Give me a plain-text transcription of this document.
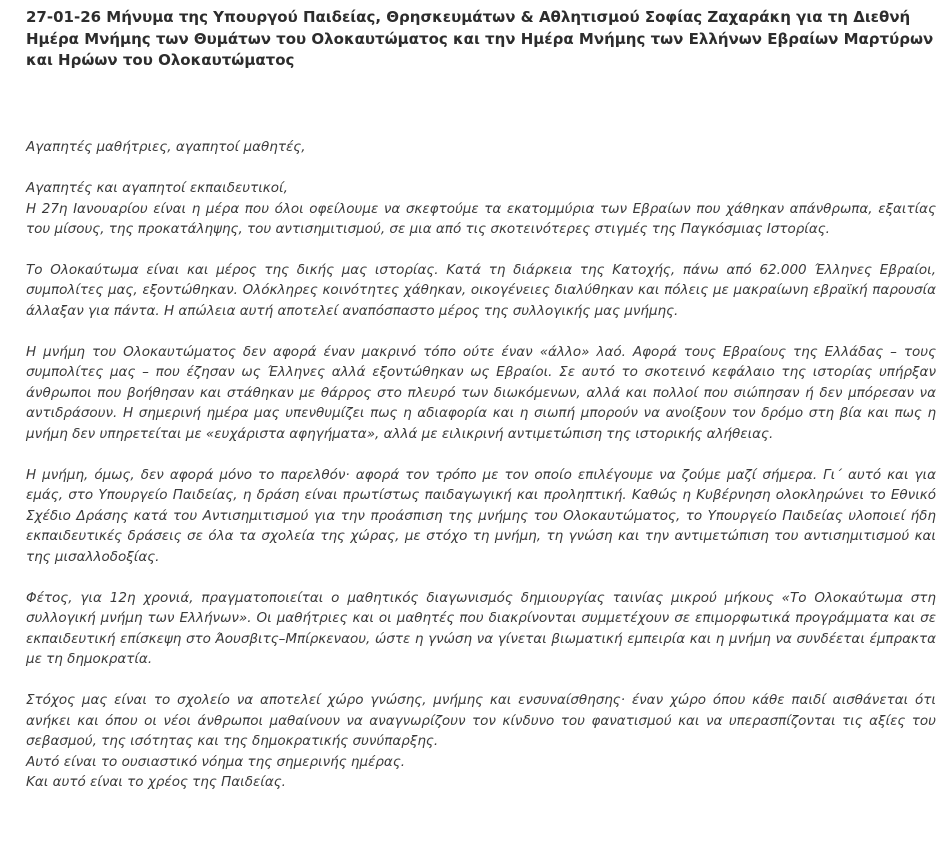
27-01-26 Μήνυμα της Υπουργού Παιδείας, Θρησκευμάτων & Αθλητισμού Σοφίας Ζαχαράκη για τη Διεθνή Ημέρα Μνήμης των Θυμάτων του Ολοκαυτώματος και την Ημέρα Μνήμης των Ελλήνων Εβραίων Μαρτύρων και Ηρώων του Ολοκαυτώματος

Αγαπητές μαθήτριες, αγαπητοί μαθητές,

Αγαπητές και αγαπητοί εκπαιδευτικοί,

Η 27η Ιανουαρίου είναι η μέρα που όλοι οφείλουμε να σκεφτούμε τα εκατομμύρια των Εβραίων που χάθηκαν απάνθρωπα, εξαιτίας του μίσους, της προκατάληψης, του αντισημιτισμού, σε μια από τις σκοτεινότερες στιγμές της Παγκόσμιας Ιστορίας.

Το Ολοκαύτωμα είναι και μέρος της δικής μας ιστορίας. Κατά τη διάρκεια της Κατοχής, πάνω από 62.000 Έλληνες Εβραίοι, συμπολίτες μας, εξοντώθηκαν. Ολόκληρες κοινότητες χάθηκαν, οικογένειες διαλύθηκαν και πόλεις με μακραίωνη εβραϊκή παρουσία άλλαξαν για πάντα. Η απώλεια αυτή αποτελεί αναπόσπαστο μέρος της συλλογικής μας μνήμης.

Η μνήμη του Ολοκαυτώματος δεν αφορά έναν μακρινό τόπο ούτε έναν «άλλο» λαό. Αφορά τους Εβραίους της Ελλάδας – τους συμπολίτες μας – που έζησαν ως Έλληνες αλλά εξοντώθηκαν ως Εβραίοι. Σε αυτό το σκοτεινό κεφάλαιο της ιστορίας υπήρξαν άνθρωποι που βοήθησαν και στάθηκαν με θάρρος στο πλευρό των διωκόμενων, αλλά και πολλοί που σιώπησαν ή δεν μπόρεσαν να αντιδράσουν. Η σημερινή ημέρα μας υπενθυμίζει πως η αδιαφορία και η σιωπή μπορούν να ανοίξουν τον δρόμο στη βία και πως η μνήμη δεν υπηρετείται με «ευχάριστα αφηγήματα», αλλά με ειλικρινή αντιμετώπιση της ιστορικής αλήθειας.

Η μνήμη, όμως, δεν αφορά μόνο το παρελθόν· αφορά τον τρόπο με τον οποίο επιλέγουμε να ζούμε μαζί σήμερα. Γι΄ αυτό και για εμάς, στο Υπουργείο Παιδείας, η δράση είναι πρωτίστως παιδαγωγική και προληπτική. Καθώς η Κυβέρνηση ολοκληρώνει το Εθνικό Σχέδιο Δράσης κατά του Αντισημιτισμού για την προάσπιση της μνήμης του Ολοκαυτώματος, το Υπουργείο Παιδείας υλοποιεί ήδη εκπαιδευτικές δράσεις σε όλα τα σχολεία της χώρας, με στόχο τη μνήμη, τη γνώση και την αντιμετώπιση του αντισημιτισμού και της μισαλλοδοξίας.

Φέτος, για 12η χρονιά, πραγματοποιείται ο μαθητικός διαγωνισμός δημιουργίας ταινίας μικρού μήκους «Το Ολοκαύτωμα στη συλλογική μνήμη των Ελλήνων». Οι μαθήτριες και οι μαθητές που διακρίνονται συμμετέχουν σε επιμορφωτικά προγράμματα και σε εκπαιδευτική επίσκεψη στο Άουσβιτς–Μπίρκεναου, ώστε η γνώση να γίνεται βιωματική εμπειρία και η μνήμη να συνδέεται έμπρακτα με τη δημοκρατία.

Στόχος μας είναι το σχολείο να αποτελεί χώρο γνώσης, μνήμης και ενσυναίσθησης· έναν χώρο όπου κάθε παιδί αισθάνεται ότι ανήκει και όπου οι νέοι άνθρωποι μαθαίνουν να αναγνωρίζουν τον κίνδυνο του φανατισμού και να υπερασπίζονται τις αξίες του σεβασμού, της ισότητας και της δημοκρατικής συνύπαρξης.

Αυτό είναι το ουσιαστικό νόημα της σημερινής ημέρας.

Και αυτό είναι το χρέος της Παιδείας.
